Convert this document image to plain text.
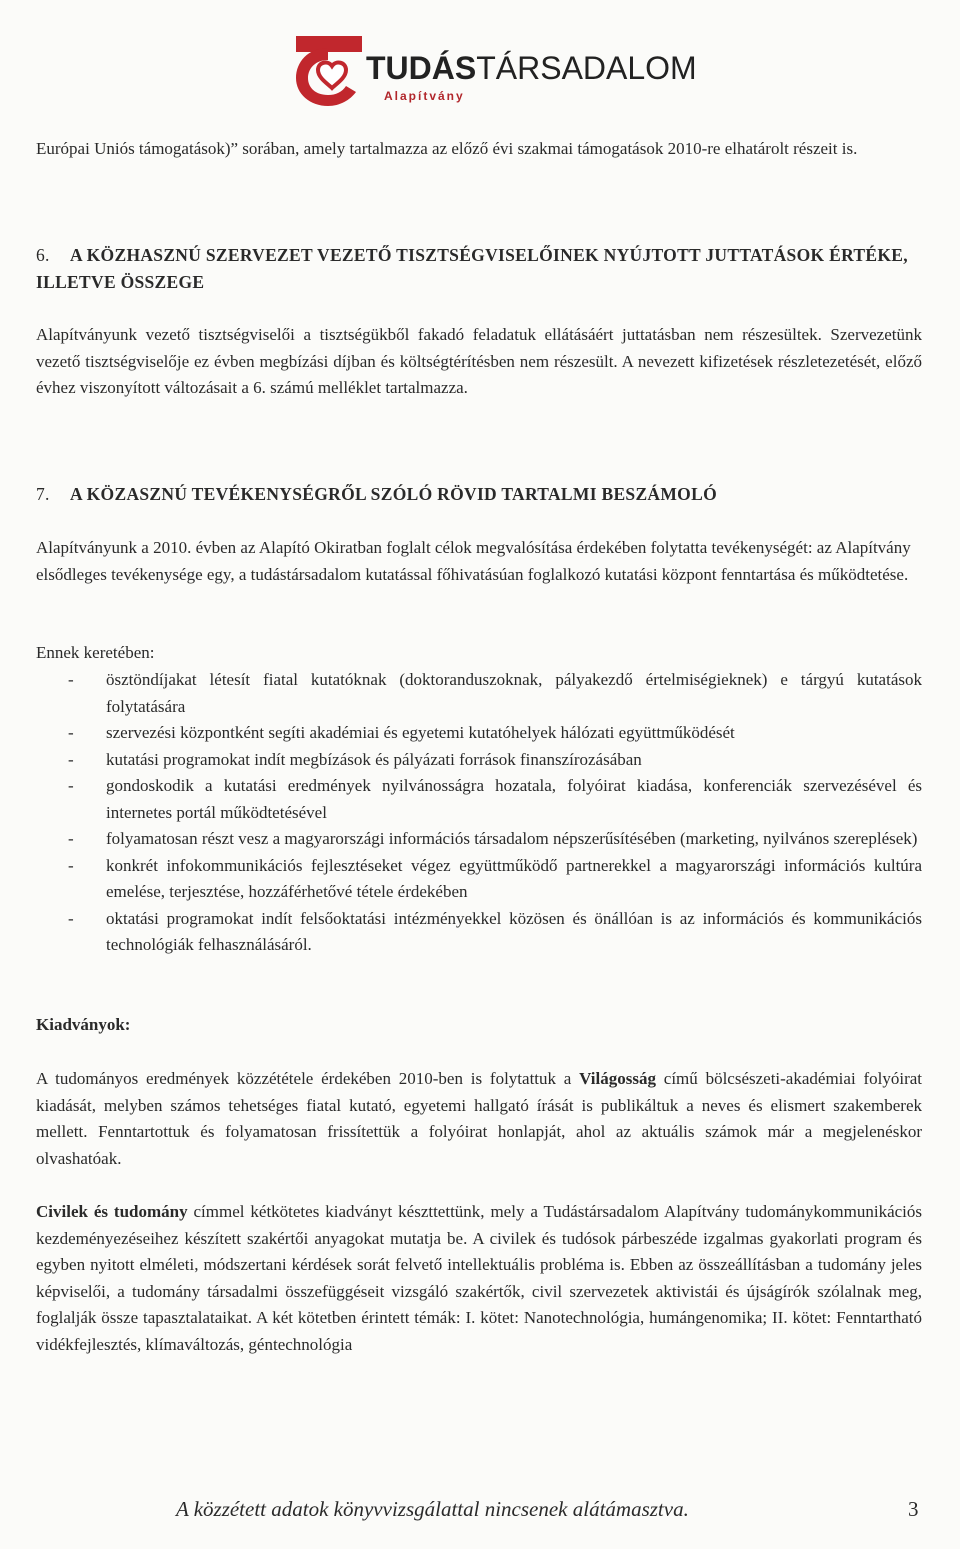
TUDÁSTÁRSADALOM
Alapítvány
Európai Uniós támogatások)” sorában, amely tartalmazza az előző évi szakmai támogatások 2010-re elhatárolt részeit is.
6. A KÖZHASZNÚ SZERVEZET VEZETŐ TISZTSÉGVISELŐINEK NYÚJTOTT JUTTATÁSOK ÉRTÉKE, ILLETVE ÖSSZEGE
Alapítványunk vezető tisztségviselői a tisztségükből fakadó feladatuk ellátásáért juttatásban nem részesültek. Szervezetünk vezető tisztségviselője ez évben megbízási díjban és költségtérítésben nem részesült. A nevezett kifizetések részletezetését, előző évhez viszonyított változásait a 6. számú melléklet tartalmazza.
7. A KÖZASZNÚ TEVÉKENYSÉGRŐL SZÓLÓ RÖVID TARTALMI BESZÁMOLÓ
Alapítványunk a 2010. évben az Alapító Okiratban foglalt célok megvalósítása érdekében folytatta tevékenységét: az Alapítvány elsődleges tevékenysége egy, a tudástársadalom kutatással főhivatásúan foglalkozó kutatási központ fenntartása és működtetése.
Ennek keretében:
- ösztöndíjakat létesít fiatal kutatóknak (doktoranduszoknak, pályakezdő értelmiségieknek) e tárgyú kutatások folytatására
- szervezési központként segíti akadémiai és egyetemi kutatóhelyek hálózati együttműködését
- kutatási programokat indít megbízások és pályázati források finanszírozásában
- gondoskodik a kutatási eredmények nyilvánosságra hozatala, folyóirat kiadása, konferenciák szervezésével és internetes portál működtetésével
- folyamatosan részt vesz a magyarországi információs társadalom népszerűsítésében (marketing, nyilvános szereplések)
- konkrét infokommunikációs fejlesztéseket végez együttműködő partnerekkel a magyarországi információs kultúra emelése, terjesztése, hozzáférhetővé tétele érdekében
- oktatási programokat indít felsőoktatási intézményekkel közösen és önállóan is az információs és kommunikációs technológiák felhasználásáról.
Kiadványok:
A tudományos eredmények közzététele érdekében 2010-ben is folytattuk a Világosság című bölcsészeti-akadémiai folyóirat kiadását, melyben számos tehetséges fiatal kutató, egyetemi hallgató írását is publikáltuk a neves és elismert szakemberek mellett. Fenntartottuk és folyamatosan frissítettük a folyóirat honlapját, ahol az aktuális számok már a megjelenéskor olvashatóak.
Civilek és tudomány címmel kétkötetes kiadványt készttettünk, mely a Tudástársadalom Alapítvány tudománykommunikációs kezdeményezéseihez készített szakértői anyagokat mutatja be. A civilek és tudósok párbeszéde izgalmas gyakorlati program és egyben nyitott elméleti, módszertani kérdések sorát felvető intellektuális probléma is. Ebben az összeállításban a tudomány jeles képviselői, a tudomány társadalmi összefüggéseit vizsgáló szakértők, civil szervezetek aktivistái és újságírók szólalnak meg, foglalják össze tapasztalataikat. A két kötetben érintett témák: I. kötet: Nanotechnológia, humángenomika; II. kötet: Fenntartható vidékfejlesztés, klímaváltozás, géntechnológia
A közzétett adatok könyvvizsgálattal nincsenek alátámasztva.	3
